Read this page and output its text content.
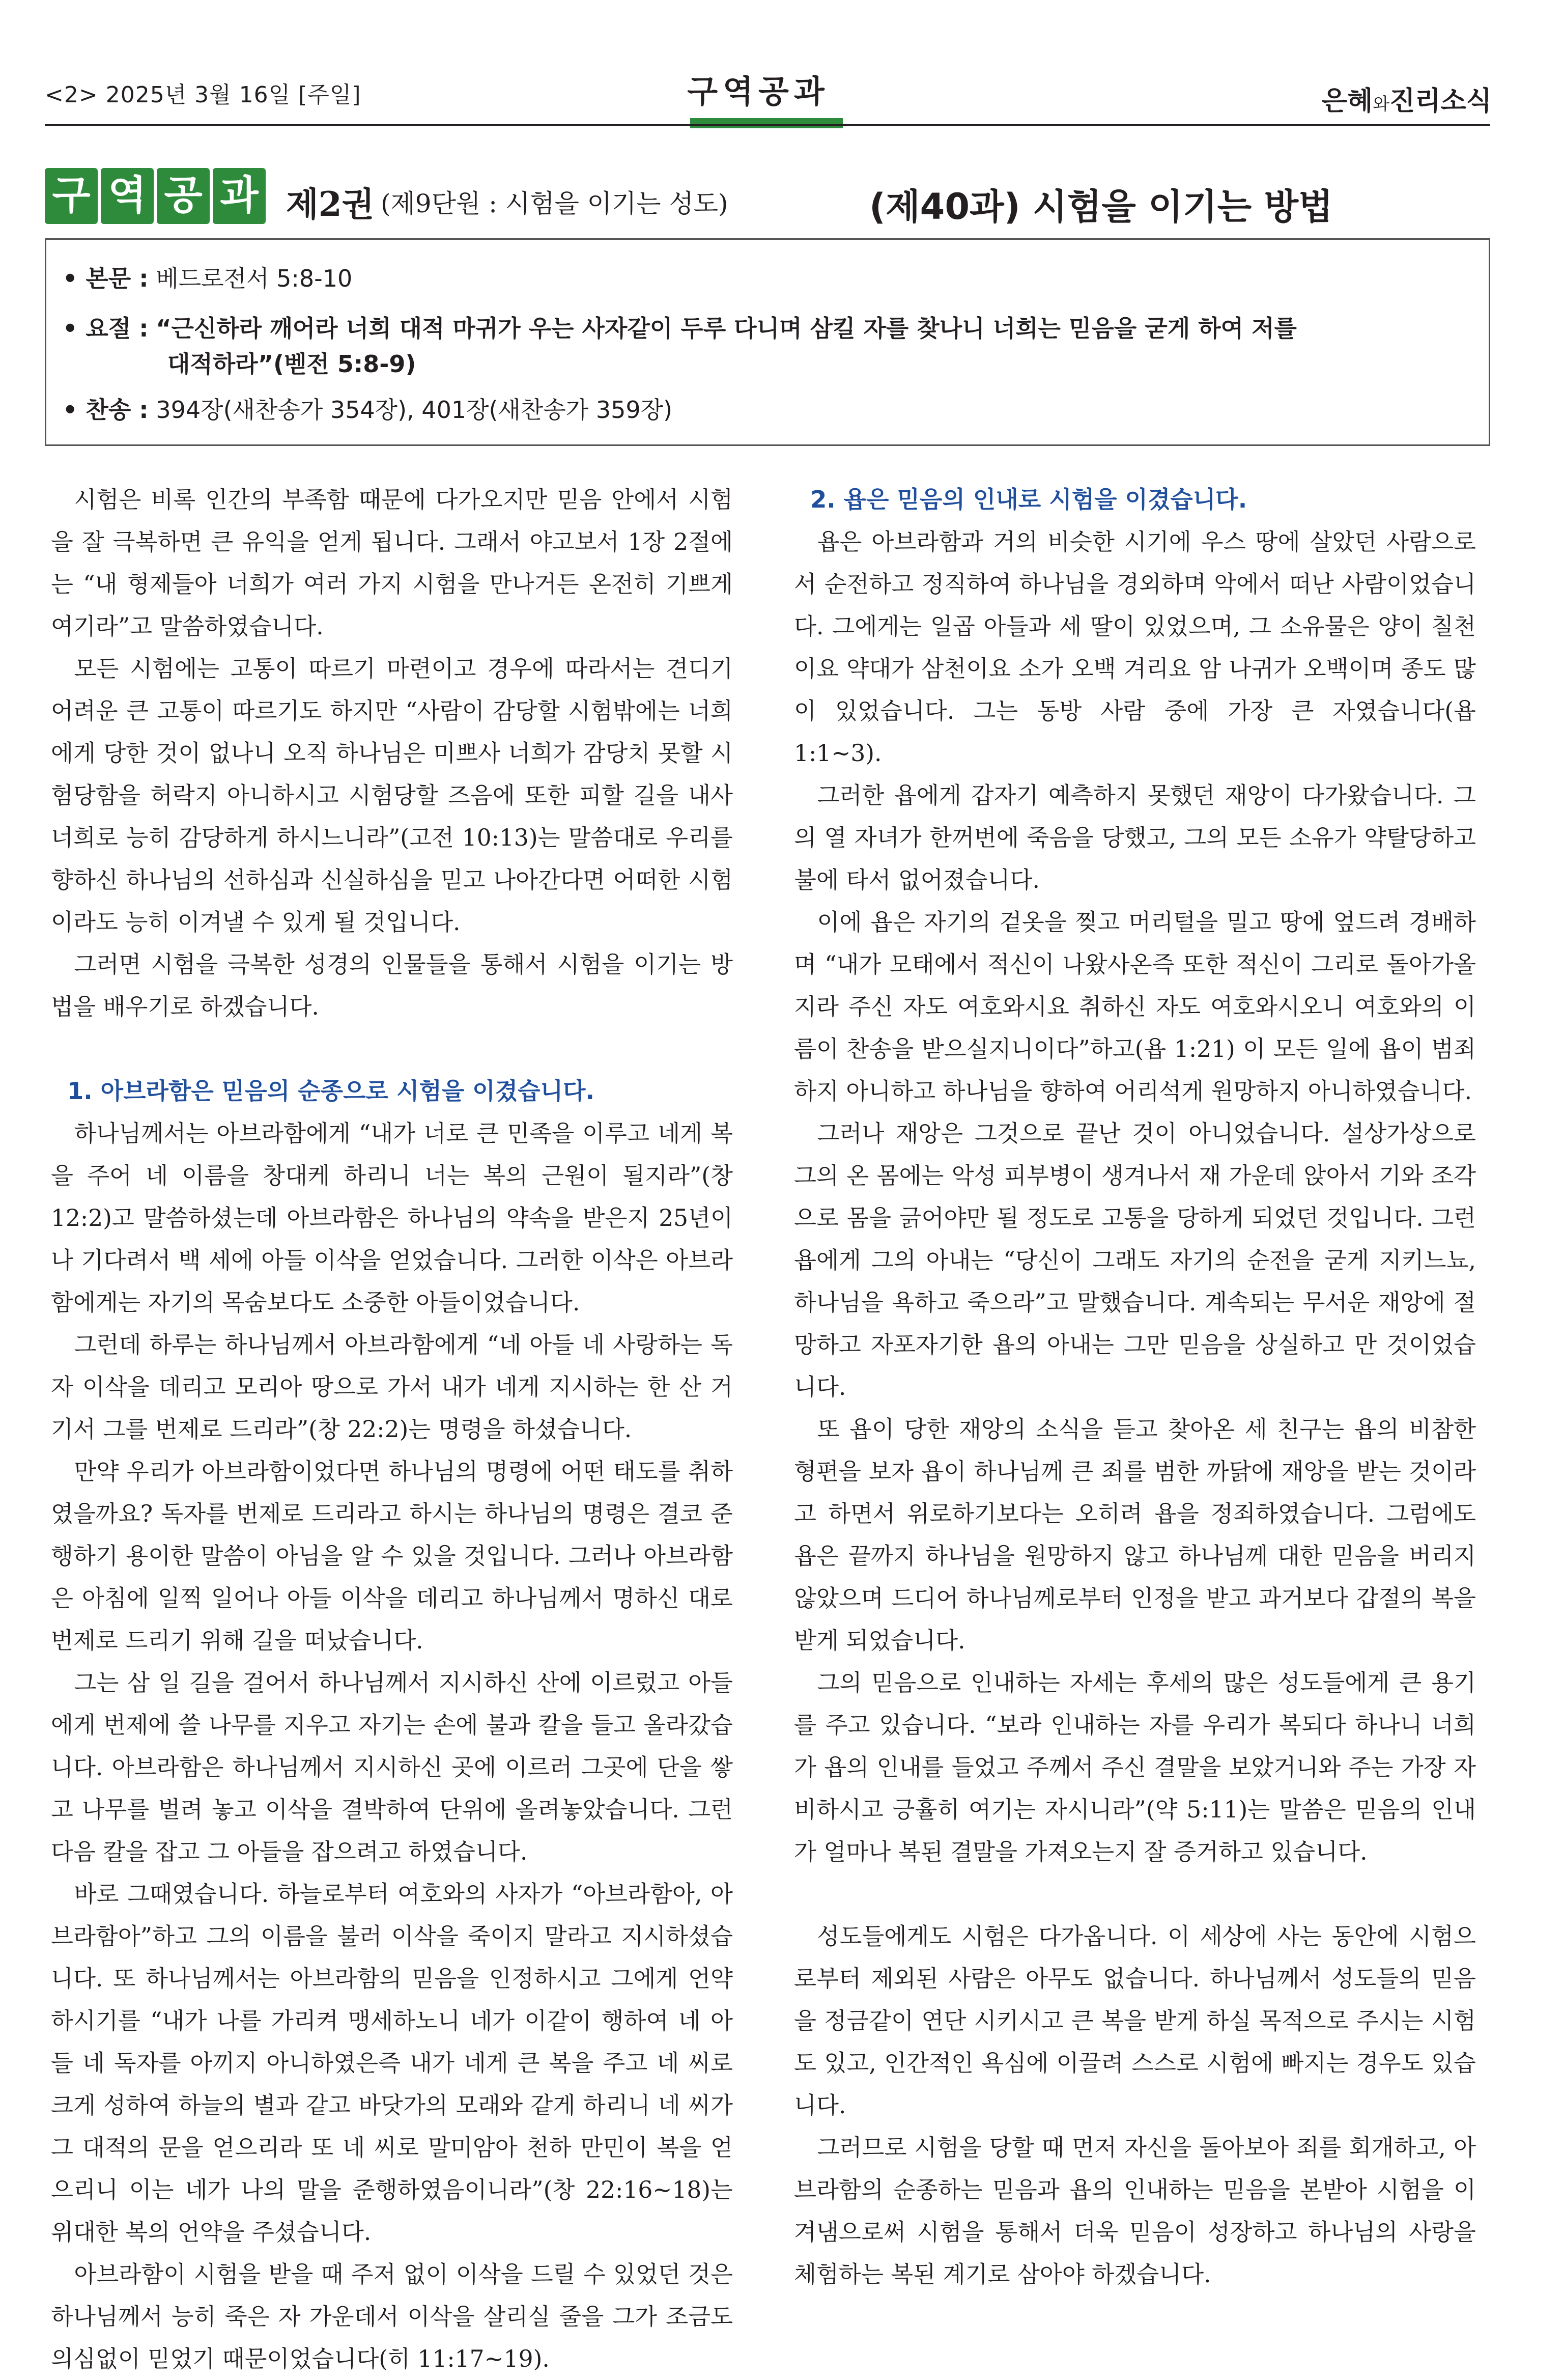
<2> 2025년 3월 16일 [주일]	구역공과	은혜와진리소식
구 역 공 과 제2권 (제9단원 : 시험을 이기는 성도)	(제40과) 시험을 이기는 방법
• 본문 : 베드로전서 5:8-10
• 요절 : “근신하라 깨어라 너희 대적 마귀가 우는 사자같이 두루 다니며 삼킬 자를 찾나니 너희는 믿음을 굳게 하여 저를
대적하라”(벧전 5:8-9)
• 찬송 : 394장(새찬송가 354장), 401장(새찬송가 359장)

시험은 비록 인간의 부족함 때문에 다가오지만 믿음 안에서 시험을 잘 극복하면 큰 유익을 얻게 됩니다. 그래서 야고보서 1장 2절에는 “내 형제들아 너희가 여러 가지 시험을 만나거든 온전히 기쁘게 여기라”고 말씀하였습니다.

모든 시험에는 고통이 따르기 마련이고 경우에 따라서는 견디기 어려운 큰 고통이 따르기도 하지만 “사람이 감당할 시험밖에는 너희에게 당한 것이 없나니 오직 하나님은 미쁘사 너희가 감당치 못할 시험당함을 허락지 아니하시고 시험당할 즈음에 또한 피할 길을 내사 너희로 능히 감당하게 하시느니라”(고전 10:13)는 말씀대로 우리를 향하신 하나님의 선하심과 신실하심을 믿고 나아간다면 어떠한 시험이라도 능히 이겨낼 수 있게 될 것입니다.

그러면 시험을 극복한 성경의 인물들을 통해서 시험을 이기는 방법을 배우기로 하겠습니다.

1. 아브라함은 믿음의 순종으로 시험을 이겼습니다.

하나님께서는 아브라함에게 “내가 너로 큰 민족을 이루고 네게 복을 주어 네 이름을 창대케 하리니 너는 복의 근원이 될지라”(창 12:2)고 말씀하셨는데 아브라함은 하나님의 약속을 받은지 25년이나 기다려서 백 세에 아들 이삭을 얻었습니다. 그러한 이삭은 아브라함에게는 자기의 목숨보다도 소중한 아들이었습니다.

그런데 하루는 하나님께서 아브라함에게 “네 아들 네 사랑하는 독자 이삭을 데리고 모리아 땅으로 가서 내가 네게 지시하는 한 산 거기서 그를 번제로 드리라”(창 22:2)는 명령을 하셨습니다.

만약 우리가 아브라함이었다면 하나님의 명령에 어떤 태도를 취하였을까요? 독자를 번제로 드리라고 하시는 하나님의 명령은 결코 준행하기 용이한 말씀이 아님을 알 수 있을 것입니다. 그러나 아브라함은 아침에 일찍 일어나 아들 이삭을 데리고 하나님께서 명하신 대로 번제로 드리기 위해 길을 떠났습니다.

그는 삼 일 길을 걸어서 하나님께서 지시하신 산에 이르렀고 아들에게 번제에 쓸 나무를 지우고 자기는 손에 불과 칼을 들고 올라갔습니다. 아브라함은 하나님께서 지시하신 곳에 이르러 그곳에 단을 쌓고 나무를 벌려 놓고 이삭을 결박하여 단위에 올려놓았습니다. 그런 다음 칼을 잡고 그 아들을 잡으려고 하였습니다.

바로 그때였습니다. 하늘로부터 여호와의 사자가 “아브라함아, 아브라함아”하고 그의 이름을 불러 이삭을 죽이지 말라고 지시하셨습니다. 또 하나님께서는 아브라함의 믿음을 인정하시고 그에게 언약하시기를 “내가 나를 가리켜 맹세하노니 네가 이같이 행하여 네 아들 네 독자를 아끼지 아니하였은즉 내가 네게 큰 복을 주고 네 씨로 크게 성하여 하늘의 별과 같고 바닷가의 모래와 같게 하리니 네 씨가 그 대적의 문을 얻으리라 또 네 씨로 말미암아 천하 만민이 복을 얻으리니 이는 네가 나의 말을 준행하였음이니라”(창 22:16~18)는 위대한 복의 언약을 주셨습니다.

아브라함이 시험을 받을 때 주저 없이 이삭을 드릴 수 있었던 것은 하나님께서 능히 죽은 자 가운데서 이삭을 살리실 줄을 그가 조금도 의심없이 믿었기 때문이었습니다(히 11:17~19).

2. 욥은 믿음의 인내로 시험을 이겼습니다.

욥은 아브라함과 거의 비슷한 시기에 우스 땅에 살았던 사람으로서 순전하고 정직하여 하나님을 경외하며 악에서 떠난 사람이었습니다. 그에게는 일곱 아들과 세 딸이 있었으며, 그 소유물은 양이 칠천이요 약대가 삼천이요 소가 오백 겨리요 암 나귀가 오백이며 종도 많이 있었습니다. 그는 동방 사람 중에 가장 큰 자였습니다(욥 1:1~3).

그러한 욥에게 갑자기 예측하지 못했던 재앙이 다가왔습니다. 그의 열 자녀가 한꺼번에 죽음을 당했고, 그의 모든 소유가 약탈당하고 불에 타서 없어졌습니다.

이에 욥은 자기의 겉옷을 찢고 머리털을 밀고 땅에 엎드려 경배하며 “내가 모태에서 적신이 나왔사온즉 또한 적신이 그리로 돌아가올지라 주신 자도 여호와시요 취하신 자도 여호와시오니 여호와의 이름이 찬송을 받으실지니이다”하고(욥 1:21) 이 모든 일에 욥이 범죄하지 아니하고 하나님을 향하여 어리석게 원망하지 아니하였습니다.

그러나 재앙은 그것으로 끝난 것이 아니었습니다. 설상가상으로 그의 온 몸에는 악성 피부병이 생겨나서 재 가운데 앉아서 기와 조각으로 몸을 긁어야만 될 정도로 고통을 당하게 되었던 것입니다. 그런 욥에게 그의 아내는 “당신이 그래도 자기의 순전을 굳게 지키느뇨, 하나님을 욕하고 죽으라”고 말했습니다. 계속되는 무서운 재앙에 절망하고 자포자기한 욥의 아내는 그만 믿음을 상실하고 만 것이었습니다.

또 욥이 당한 재앙의 소식을 듣고 찾아온 세 친구는 욥의 비참한 형편을 보자 욥이 하나님께 큰 죄를 범한 까닭에 재앙을 받는 것이라고 하면서 위로하기보다는 오히려 욥을 정죄하였습니다. 그럼에도 욥은 끝까지 하나님을 원망하지 않고 하나님께 대한 믿음을 버리지 않았으며 드디어 하나님께로부터 인정을 받고 과거보다 갑절의 복을 받게 되었습니다.

그의 믿음으로 인내하는 자세는 후세의 많은 성도들에게 큰 용기를 주고 있습니다. “보라 인내하는 자를 우리가 복되다 하나니 너희가 욥의 인내를 들었고 주께서 주신 결말을 보았거니와 주는 가장 자비하시고 긍휼히 여기는 자시니라”(약 5:11)는 말씀은 믿음의 인내가 얼마나 복된 결말을 가져오는지 잘 증거하고 있습니다.

성도들에게도 시험은 다가옵니다. 이 세상에 사는 동안에 시험으로부터 제외된 사람은 아무도 없습니다. 하나님께서 성도들의 믿음을 정금같이 연단 시키시고 큰 복을 받게 하실 목적으로 주시는 시험도 있고, 인간적인 욕심에 이끌려 스스로 시험에 빠지는 경우도 있습니다.

그러므로 시험을 당할 때 먼저 자신을 돌아보아 죄를 회개하고, 아브라함의 순종하는 믿음과 욥의 인내하는 믿음을 본받아 시험을 이겨냄으로써 시험을 통해서 더욱 믿음이 성장하고 하나님의 사랑을 체험하는 복된 계기로 삼아야 하겠습니다.
